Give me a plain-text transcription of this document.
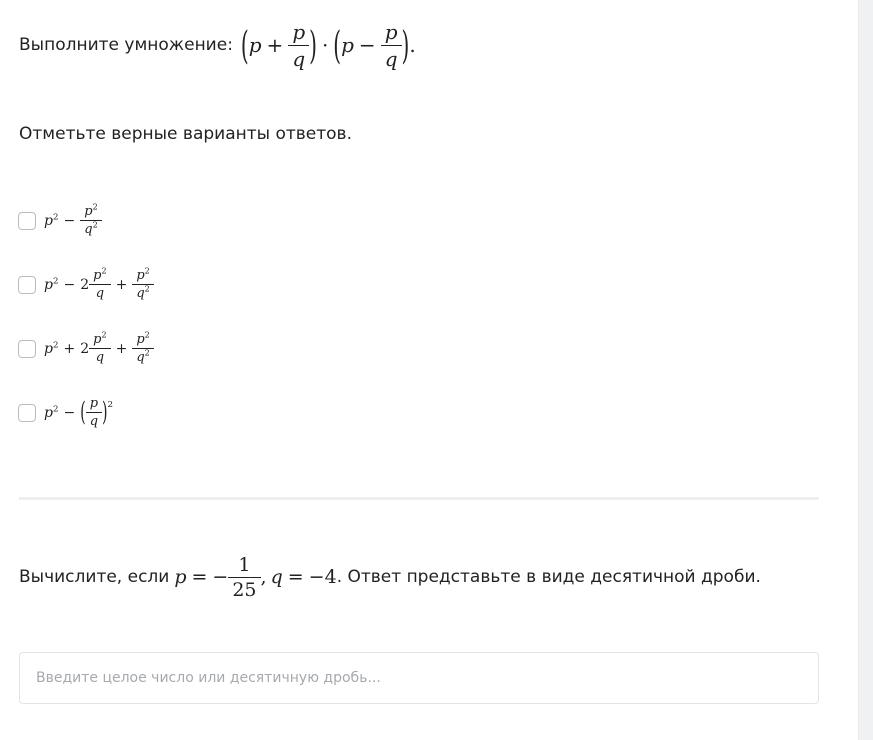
Выполните умножение: ( $p + \frac{p}{q}$ ) · ( $p - \frac{p}{q}$ ) .
Отметьте верные варианты ответов.
$p^2 - \frac{p^2}{q^2}$
$p^2 - 2 \frac{p^2}{q} + \frac{p^2}{q^2}$
$p^2 + 2 \frac{p^2}{q} + \frac{p^2}{q^2}$
$p^2$ − ( $\frac{p}{q} )^2$
Вычислите, если p = − $\frac{1}{25}$ , q = −4 . Ответ представьте в виде десятичной дроби.
Введите целое число или десятичную дробь...
